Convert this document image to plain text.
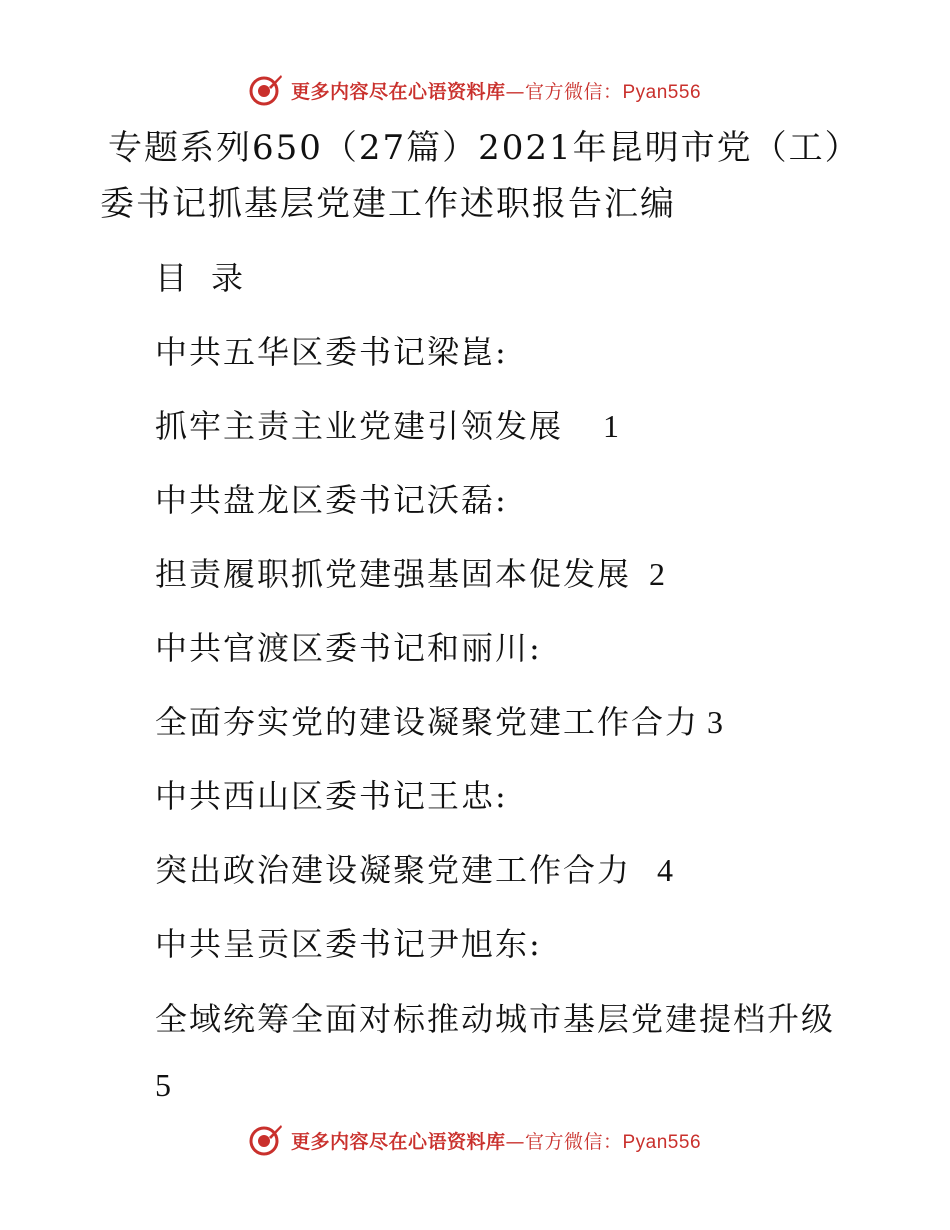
更多内容尽在心语资料库—官方微信：Pyan556
专题系列650（27篇）2021年昆明市党（工）委书记抓基层党建工作述职报告汇编
目 录
中共五华区委书记梁崑:
抓牢主责主业党建引领发展 1
中共盘龙区委书记沃磊:
担责履职抓党建强基固本促发展 2
中共官渡区委书记和丽川:
全面夯实党的建设凝聚党建工作合力 3
中共西山区委书记王忠:
突出政治建设凝聚党建工作合力 4
中共呈贡区委书记尹旭东:
全域统筹全面对标推动城市基层党建提档升级
5
更多内容尽在心语资料库—官方微信：Pyan556
